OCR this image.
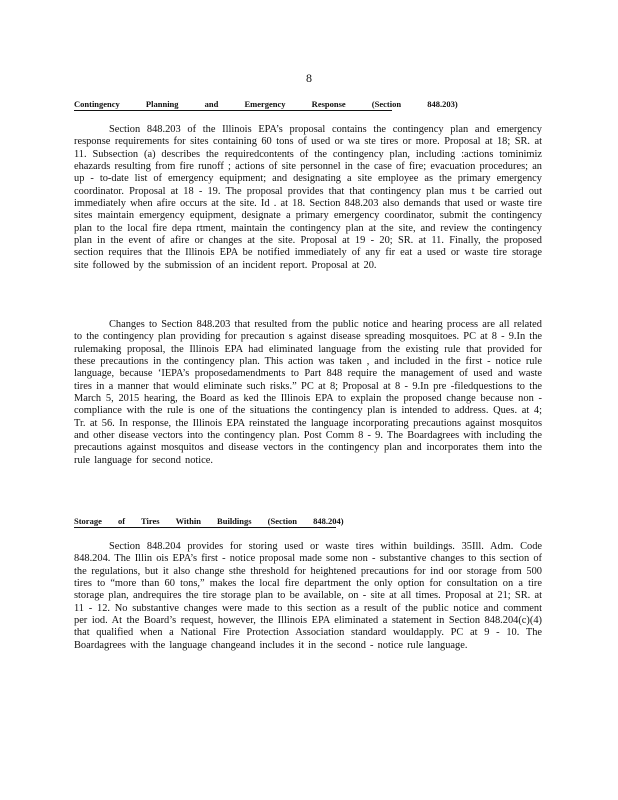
8
Contingency Planning and Emergency Response (Section 848.203)

Section 848.203 of the Illinois EPA’s proposal contains the contingency plan and emergency response requirements for sites containing 60 tons of used or wa ste tires or more. Proposal at 18; SR. at 11. Subsection (a) describes the requiredcontents of the contingency plan, including :actions tominimiz ehazards resulting from fire runoff ; actions of site personnel in the case of fire; evacuation procedures; an up - to-date list of emergency equipment; and designating a site employee as the primary emergency coordinator. Proposal at 18 - 19. The proposal provides that that contingency plan mus t be carried out immediately when afire occurs at the site. Id . at 18. Section 848.203 also demands that used or waste tire sites maintain emergency equipment, designate a primary emergency coordinator, submit the contingency plan to the local fire depa rtment, maintain the contingency plan at the site, and review the contingency plan in the event of afire or changes at the site. Proposal at 19 - 20; SR. at 11. Finally, the proposed section requires that the Illinois EPA be notified immediately of any fir eat a used or waste tire storage site followed by the submission of an incident report. Proposal at 20.

Changes to Section 848.203 that resulted from the public notice and hearing process are all related to the contingency plan providing for precaution s against disease spreading mosquitoes. PC at 8 - 9.In the rulemaking proposal, the Illinois EPA had eliminated language from the existing rule that provided for these precautions in the contingency plan. This action was taken , and included in the first - notice rule language, because ‘IEPA’s proposedamendments to Part 848 require the management of used and waste tires in a manner that would eliminate such risks.” PC at 8; Proposal at 8 - 9.In pre -filedquestions to the March 5, 2015 hearing, the Board as ked the Illinois EPA to explain the proposed change because non - compliance with the rule is one of the situations the contingency plan is intended to address. Ques. at 4; Tr. at 56. In response, the Illinois EPA reinstated the language incorporating precautions against mosquitos and other disease vectors into the contingency plan. Post Comm 8 - 9. The Boardagrees with including the precautions against mosquitos and disease vectors in the contingency plan and incorporates them into the rule language for second notice.

Storage of Tires Within Buildings (Section 848.204)

Section 848.204 provides for storing used or waste tires within buildings. 35Ill. Adm. Code 848.204. The Illin ois EPA’s first - notice proposal made some non - substantive changes to this section of the regulations, but it also change sthe threshold for heightened precautions for ind oor storage from 500 tires to “more than 60 tons,” makes the local fire department the only option for consultation on a tire storage plan, andrequires the tire storage plan to be available, on - site at all times. Proposal at 21; SR. at 11 - 12. No substantive changes were made to this section as a result of the public notice and comment per iod. At the Board’s request, however, the Illinois EPA eliminated a statement in Section 848.204(c)(4) that qualified when a National Fire Protection Association standard wouldapply. PC at 9 - 10. The Boardagrees with the language changeand includes it in the second - notice rule language.
